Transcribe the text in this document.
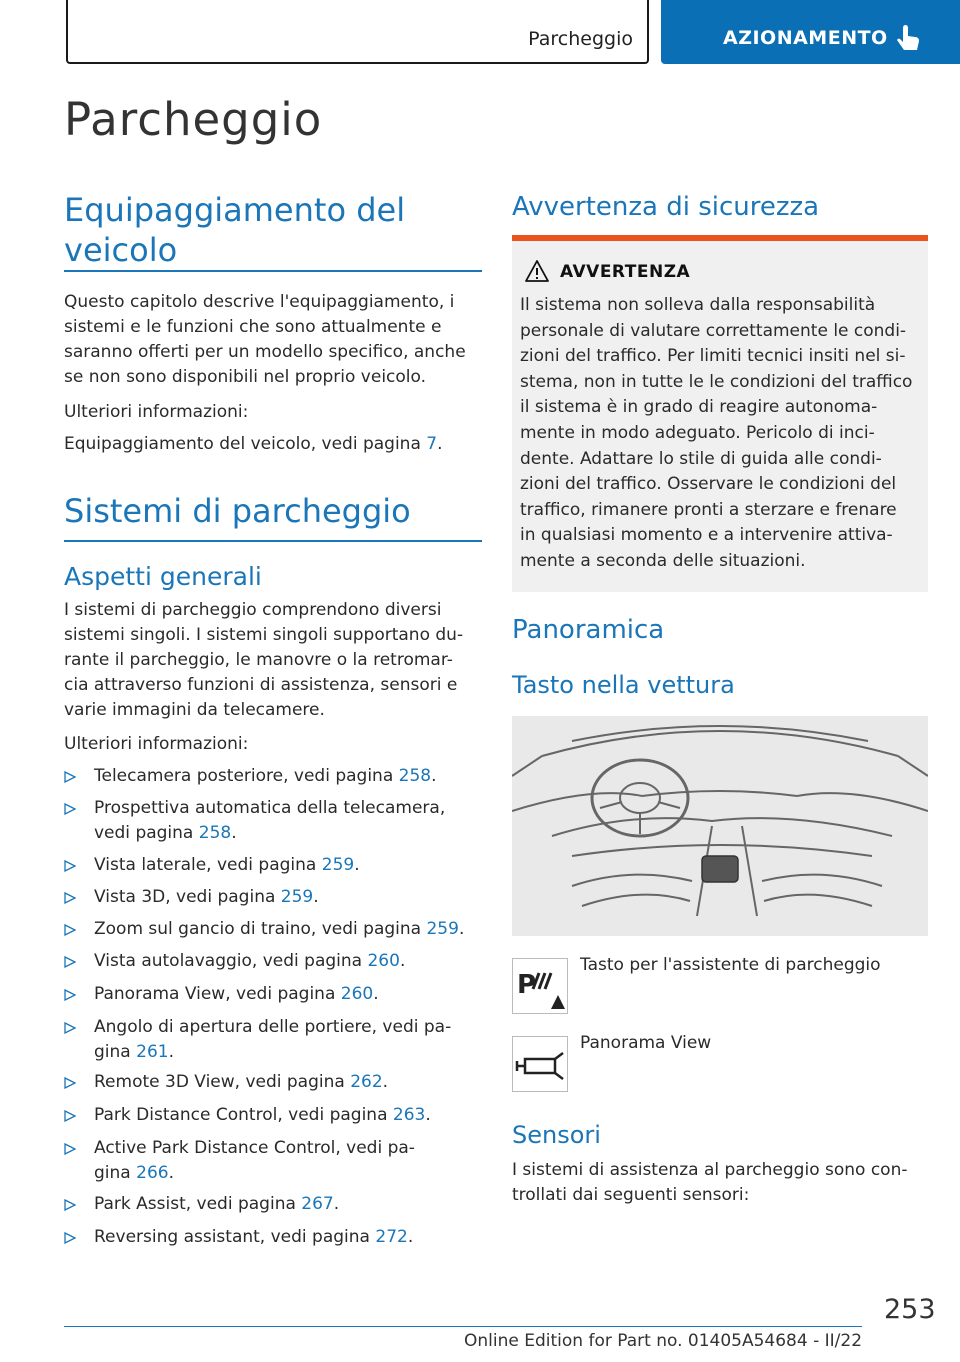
Parcheggio	AZIONAMENTO
Parcheggio
Equipaggiamento del
veicolo
Questo capitolo descrive l'equipaggiamento, i
sistemi e le funzioni che sono attualmente e
saranno offerti per un modello specifico, anche
se non sono disponibili nel proprio veicolo.
Ulteriori informazioni:
Equipaggiamento del veicolo, vedi pagina 7.
Sistemi di parcheggio
Aspetti generali
I sistemi di parcheggio comprendono diversi
sistemi singoli. I sistemi singoli supportano du-
rante il parcheggio, le manovre o la retromar-
cia attraverso funzioni di assistenza, sensori e
varie immagini da telecamere.
Ulteriori informazioni:
Telecamera posteriore, vedi pagina 258.
Prospettiva automatica della telecamera,
vedi pagina 258.
Vista laterale, vedi pagina 259.
Vista 3D, vedi pagina 259.
Zoom sul gancio di traino, vedi pagina 259.
Vista autolavaggio, vedi pagina 260.
Panorama View, vedi pagina 260.
Angolo di apertura delle portiere, vedi pa-
gina 261.
Remote 3D View, vedi pagina 262.
Park Distance Control, vedi pagina 263.
Active Park Distance Control, vedi pa-
gina 266.
Park Assist, vedi pagina 267.
Reversing assistant, vedi pagina 272.
Avvertenza di sicurezza
AVVERTENZA
Il sistema non solleva dalla responsabilità
personale di valutare correttamente le condi-
zioni del traffico. Per limiti tecnici insiti nel si-
stema, non in tutte le le condizioni del traffico
il sistema è in grado di reagire autonoma-
mente in modo adeguato. Pericolo di inci-
dente. Adattare lo stile di guida alle condi-
zioni del traffico. Osservare le condizioni del
traffico, rimanere pronti a sterzare e frenare
in qualsiasi momento e a intervenire attiva-
mente a seconda delle situazioni.
Panoramica
Tasto nella vettura
P
Tasto per l'assistente di parcheggio
Panorama View
Sensori
I sistemi di assistenza al parcheggio sono con-
trollati dai seguenti sensori:
253
Online Edition for Part no. 01405A54684 - II/22
